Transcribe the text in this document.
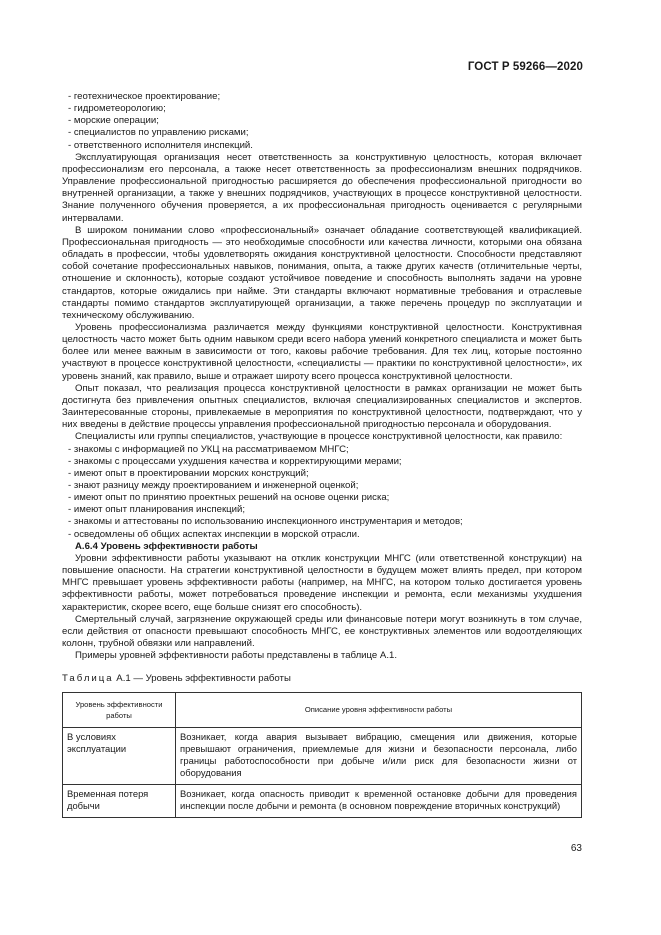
ГОСТ Р 59266—2020

- геотехническое проектирование;

- гидрометеорологию;

- морские операции;

- специалистов по управлению рисками;

- ответственного исполнителя инспекций.

Эксплуатирующая организация несет ответственность за конструктивную целостность, которая включает профессионализм его персонала, а также несет ответственность за профессионализм внешних подрядчиков. Управление профессиональной пригодностью расширяется до обеспечения профессиональной пригодности во внутренней организации, а также у внешних подрядчиков, участвующих в процессе конструктивной целостности. Знание полученного обучения проверяется, а их профессиональная пригодность оценивается с регулярными интервалами.

В широком понимании слово «профессиональный» означает обладание соответствующей квалификацией. Профессиональная пригодность — это необходимые способности или качества личности, которыми она обязана обладать в профессии, чтобы удовлетворять ожидания конструктивной целостности. Способности представляют собой сочетание профессиональных навыков, понимания, опыта, а также других качеств (отличительные черты, отношение и склонность), которые создают устойчивое поведение и способность выполнять задачи на уровне стандартов, которые ожидались при найме. Эти стандарты включают нормативные требования и отраслевые стандарты помимо стандартов эксплуатирующей организации, а также перечень процедур по эксплуатации и техническому обслуживанию.

Уровень профессионализма различается между функциями конструктивной целостности. Конструктивная целостность часто может быть одним навыком среди всего набора умений конкретного специалиста и может быть более или менее важным в зависимости от того, каковы рабочие требования. Для тех лиц, которые постоянно участвуют в процессе конструктивной целостности, «специалисты — практики по конструктивной целостности», их уровень знаний, как правило, выше и отражает широту всего процесса конструктивной целостности.

Опыт показал, что реализация процесса конструктивной целостности в рамках организации не может быть достигнута без привлечения опытных специалистов, включая специализированных специалистов и экспертов. Заинтересованные стороны, привлекаемые в мероприятия по конструктивной целостности, подтверждают, что у них введены в действие процессы управления профессиональной пригодностью персонала и оборудования.

Специалисты или группы специалистов, участвующие в процессе конструктивной целостности, как правило:

- знакомы с информацией по УКЦ на рассматриваемом МНГС;

- знакомы с процессами ухудшения качества и корректирующими мерами;

- имеют опыт в проектировании морских конструкций;

- знают разницу между проектированием и инженерной оценкой;

- имеют опыт по принятию проектных решений на основе оценки риска;

- имеют опыт планирования инспекций;

- знакомы и аттестованы по использованию инспекционного инструментария и методов;

- осведомлены об общих аспектах инспекции в морской отрасли.

A.6.4 Уровень эффективности работы

Уровни эффективности работы указывают на отклик конструкции МНГС (или ответственной конструкции) на повышение опасности. На стратегии конструктивной целостности в будущем может влиять предел, при котором МНГС превышает уровень эффективности работы (например, на МНГС, на котором только достигается уровень эффективности работы, может потребоваться проведение инспекции и ремонта, если механизмы ухудшения характеристик, скорее всего, еще больше снизят его способность).

Смертельный случай, загрязнение окружающей среды или финансовые потери могут возникнуть в том случае, если действия от опасности превышают способность МНГС, ее конструктивных элементов или водоотделяющих колонн, трубной обвязки или направлений.

Примеры уровней эффективности работы представлены в таблице А.1.

Таблица А.1 — Уровень эффективности работы

Уровень эффективности работы	Описание уровня эффективности работы
В условиях эксплуатации	Возникает, когда авария вызывает вибрацию, смещения или движения, которые превышают ограничения, приемлемые для жизни и безопасности персонала, либо границы работоспособности при добыче и/или риск для безопасности жизни от оборудования
Временная потеря добычи	Возникает, когда опасность приводит к временной остановке добычи для проведения инспекции после добычи и ремонта (в основном повреждение вторичных конструкций)
63
